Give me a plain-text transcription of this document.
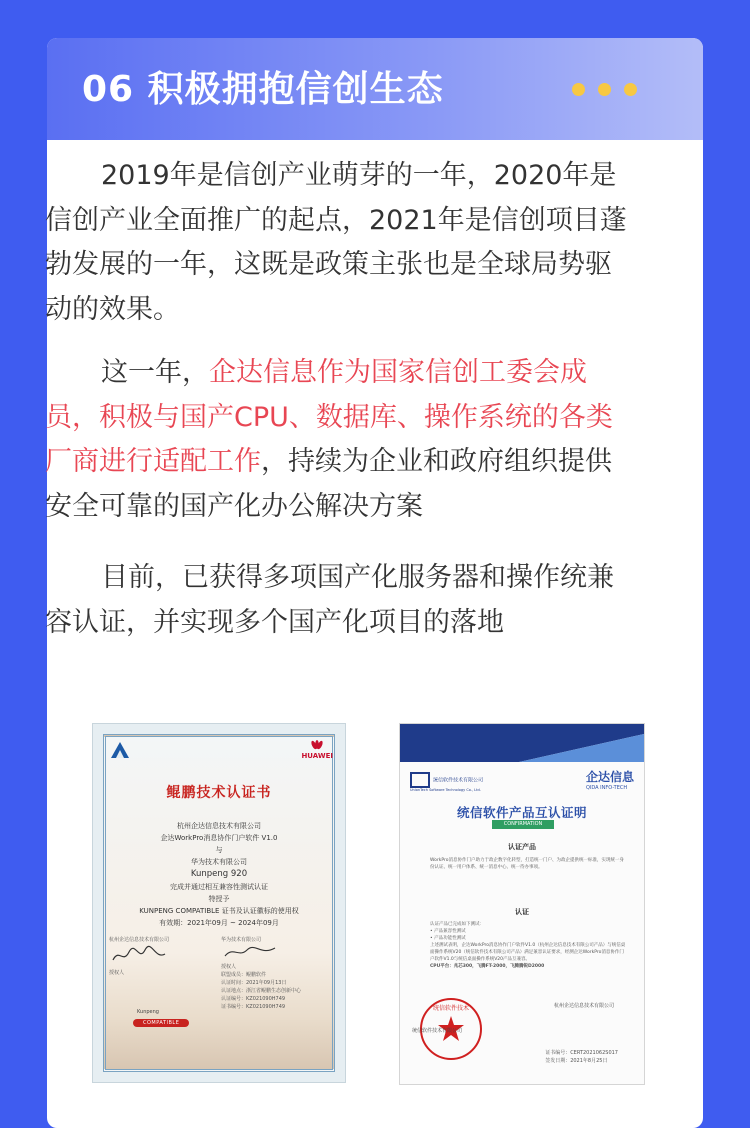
06 积极拥抱信创生态
2019年是信创产业萌芽的一年，2020年是信创产业全面推广的起点，2021年是信创项目蓬勃发展的一年，这既是政策主张也是全球局势驱动的效果。
这一年，企达信息作为国家信创工委会成员，积极与国产CPU、数据库、操作系统的各类厂商进行适配工作，持续为企业和政府组织提供安全可靠的国产化办公解决方案
目前，已获得多项国产化服务器和操作统兼容认证，并实现多个国产化项目的落地
HUAWEI
鲲鹏技术认证书
杭州企达信息技术有限公司
企达WorkPro消息协作门户软件 V1.0
与
华为技术有限公司
Kunpeng 920
完成并通过相互兼容性测试认证
特授予
KUNPENG COMPATIBLE 证书及认证徽标的使用权
有效期：2021年09月 ~ 2024年09月
杭州企达信息技术有限公司
授权人
华为技术有限公司
授权人
联盟成员：鲲鹏软件
认证时间：2021年09月13日
认证地点：浙江省鲲鹏生态创新中心
认证编号：KZ021090H749
证书编号：KZ021090H749
Kunpeng
COMPATIBLE
统信软件技术有限公司
UnionTech Software Technology Co., Ltd.
企达信息
QIDA INFO-TECH
统信软件产品互认证明
CONFIRMATION
认证产品
WorkPro消息协作门户助力于政企数字化转型，打造统一门户、为政企提供统一标准，实现统一身份认证、统一用户体系、统一消息中心、统一待办事项。
认证
认证产品已完成如下测试：
• 产品兼容性测试
• 产品功能性测试
上述测试表明，企达WorkPro消息协作门户软件V1.0（杭州企达信息技术有限公司产品）与统信桌面操作系统V20（统信软件技术有限公司产品）满足兼容认证要求，经测企达WorkPro消息协作门户软件V1.0与统信桌面操作系统V20产品互兼容。
CPU平台：兆芯300，飞腾FT-2000，飞腾腾锐D2000
统信软件技术
统信软件技术有限公司
杭州企达信息技术有限公司
证书编号：CERT2021062S017
签发日期：2021年8月25日
